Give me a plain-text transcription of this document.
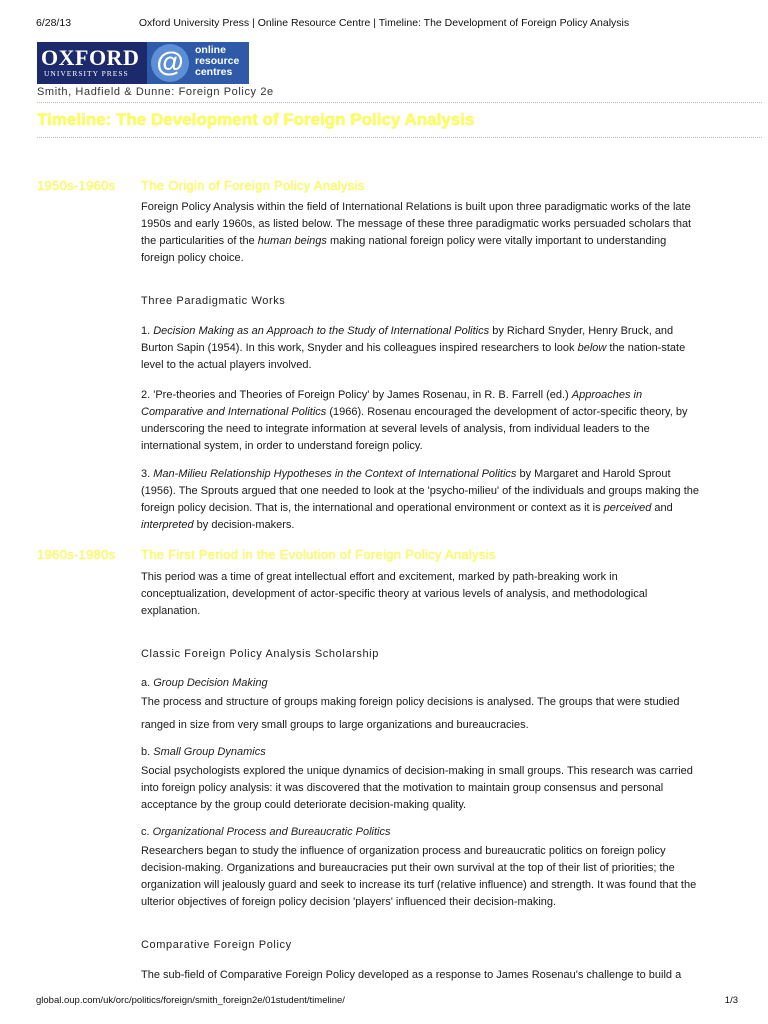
6/28/13	Oxford University Press | Online Resource Centre | Timeline: The Development of Foreign Policy Analysis
OXFORD
UNIVERSITY PRESS @	online
resource
centres
Smith, Hadfield & Dunne: Foreign Policy 2e
Timeline: The Development of Foreign Policy Analysis
1950s-1960s The Origin of Foreign Policy Analysis
Foreign Policy Analysis within the field of International Relations is built upon three paradigmatic works of the late 1950s and early 1960s, as listed below. The message of these three paradigmatic works persuaded scholars that the particularities of the human beings making national foreign policy were vitally important to understanding foreign policy choice.
Three Paradigmatic Works
1. Decision Making as an Approach to the Study of International Politics by Richard Snyder, Henry Bruck, and Burton Sapin (1954). In this work, Snyder and his colleagues inspired researchers to look below the nation-state level to the actual players involved.
2. 'Pre-theories and Theories of Foreign Policy' by James Rosenau, in R. B. Farrell (ed.) Approaches in Comparative and International Politics (1966). Rosenau encouraged the development of actor-specific theory, by underscoring the need to integrate information at several levels of analysis, from individual leaders to the international system, in order to understand foreign policy.
3. Man-Milieu Relationship Hypotheses in the Context of International Politics by Margaret and Harold Sprout (1956). The Sprouts argued that one needed to look at the 'psycho-milieu' of the individuals and groups making the foreign policy decision. That is, the international and operational environment or context as it is perceived and interpreted by decision-makers.
1960s-1980s The First Period in the Evolution of Foreign Policy Analysis
This period was a time of great intellectual effort and excitement, marked by path-breaking work in conceptualization, development of actor-specific theory at various levels of analysis, and methodological explanation.
Classic Foreign Policy Analysis Scholarship
a. Group Decision Making
The process and structure of groups making foreign policy decisions is analysed. The groups that were studied
ranged in size from very small groups to large organizations and bureaucracies.
b. Small Group Dynamics
Social psychologists explored the unique dynamics of decision-making in small groups. This research was carried into foreign policy analysis: it was discovered that the motivation to maintain group consensus and personal acceptance by the group could deteriorate decision-making quality.
c. Organizational Process and Bureaucratic Politics
Researchers began to study the influence of organization process and bureaucratic politics on foreign policy decision-making. Organizations and bureaucracies put their own survival at the top of their list of priorities; the organization will jealously guard and seek to increase its turf (relative influence) and strength. It was found that the ulterior objectives of foreign policy decision 'players' influenced their decision-making.
Comparative Foreign Policy
The sub-field of Comparative Foreign Policy developed as a response to James Rosenau's challenge to build a
global.oup.com/uk/orc/politics/foreign/smith_foreign2e/01student/timeline/	1/3
